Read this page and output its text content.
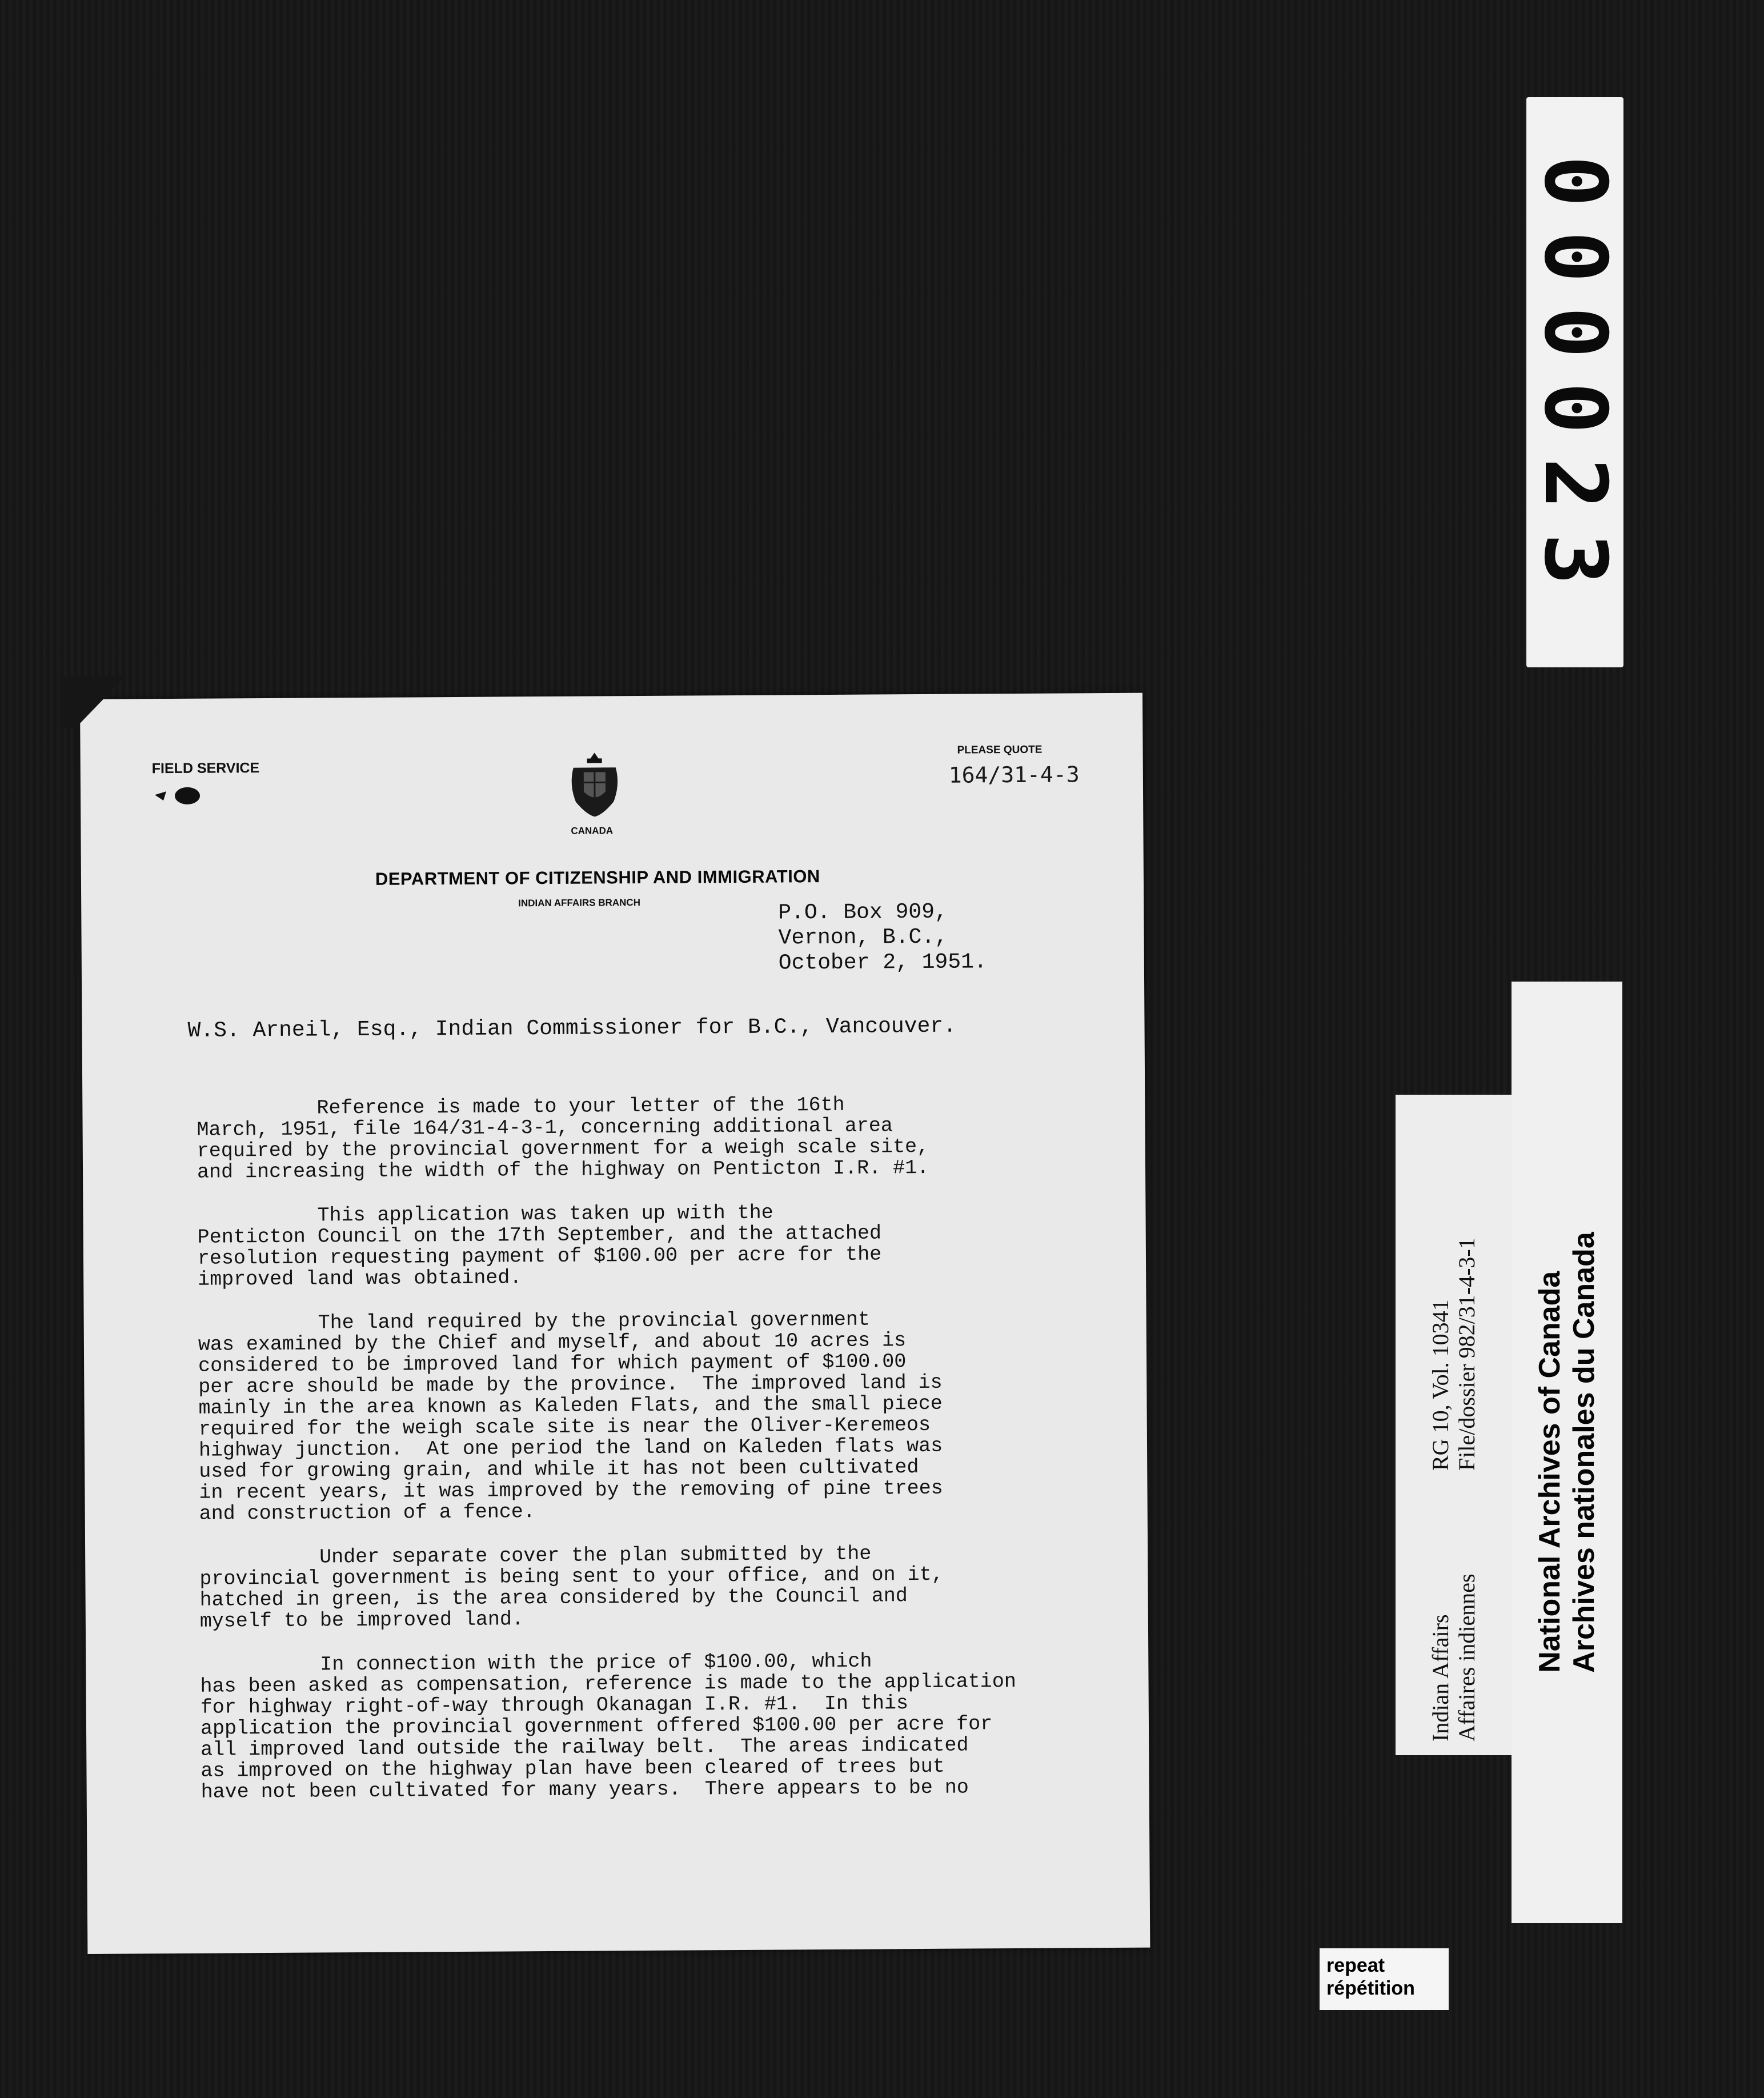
000023
National Archives of Canada Archives nationales du Canada
RG 10, Vol. 10341 File/dossier 982/31-4-3-1
Indian Affairs Affaires indiennes
repeat
répétition
FIELD SERVICE
CANADA
DEPARTMENT OF CITIZENSHIP AND IMMIGRATION
INDIAN AFFAIRS BRANCH
PLEASE QUOTE
164/31-4-3
P.O. Box 909,
Vernon, B.C.,
October 2, 1951.
W.S. Arneil, Esq., Indian Commissioner for B.C., Vancouver.
Reference is made to your letter of the 16th
March, 1951, file 164/31-4-3-1, concerning additional area
required by the provincial government for a weigh scale site,
and increasing the width of the highway on Penticton I.R. #1.
This application was taken up with the
Penticton Council on the 17th September, and the attached
resolution requesting payment of $100.00 per acre for the
improved land was obtained.
The land required by the provincial government
was examined by the Chief and myself, and about 10 acres is
considered to be improved land for which payment of $100.00
per acre should be made by the province.  The improved land is
mainly in the area known as Kaleden Flats, and the small piece
required for the weigh scale site is near the Oliver-Keremeos
highway junction.  At one period the land on Kaleden flats was
used for growing grain, and while it has not been cultivated
in recent years, it was improved by the removing of pine trees
and construction of a fence.
Under separate cover the plan submitted by the
provincial government is being sent to your office, and on it,
hatched in green, is the area considered by the Council and
myself to be improved land.
In connection with the price of $100.00, which
has been asked as compensation, reference is made to the application
for highway right-of-way through Okanagan I.R. #1.  In this
application the provincial government offered $100.00 per acre for
all improved land outside the railway belt.  The areas indicated
as improved on the highway plan have been cleared of trees but
have not been cultivated for many years.  There appears to be no
